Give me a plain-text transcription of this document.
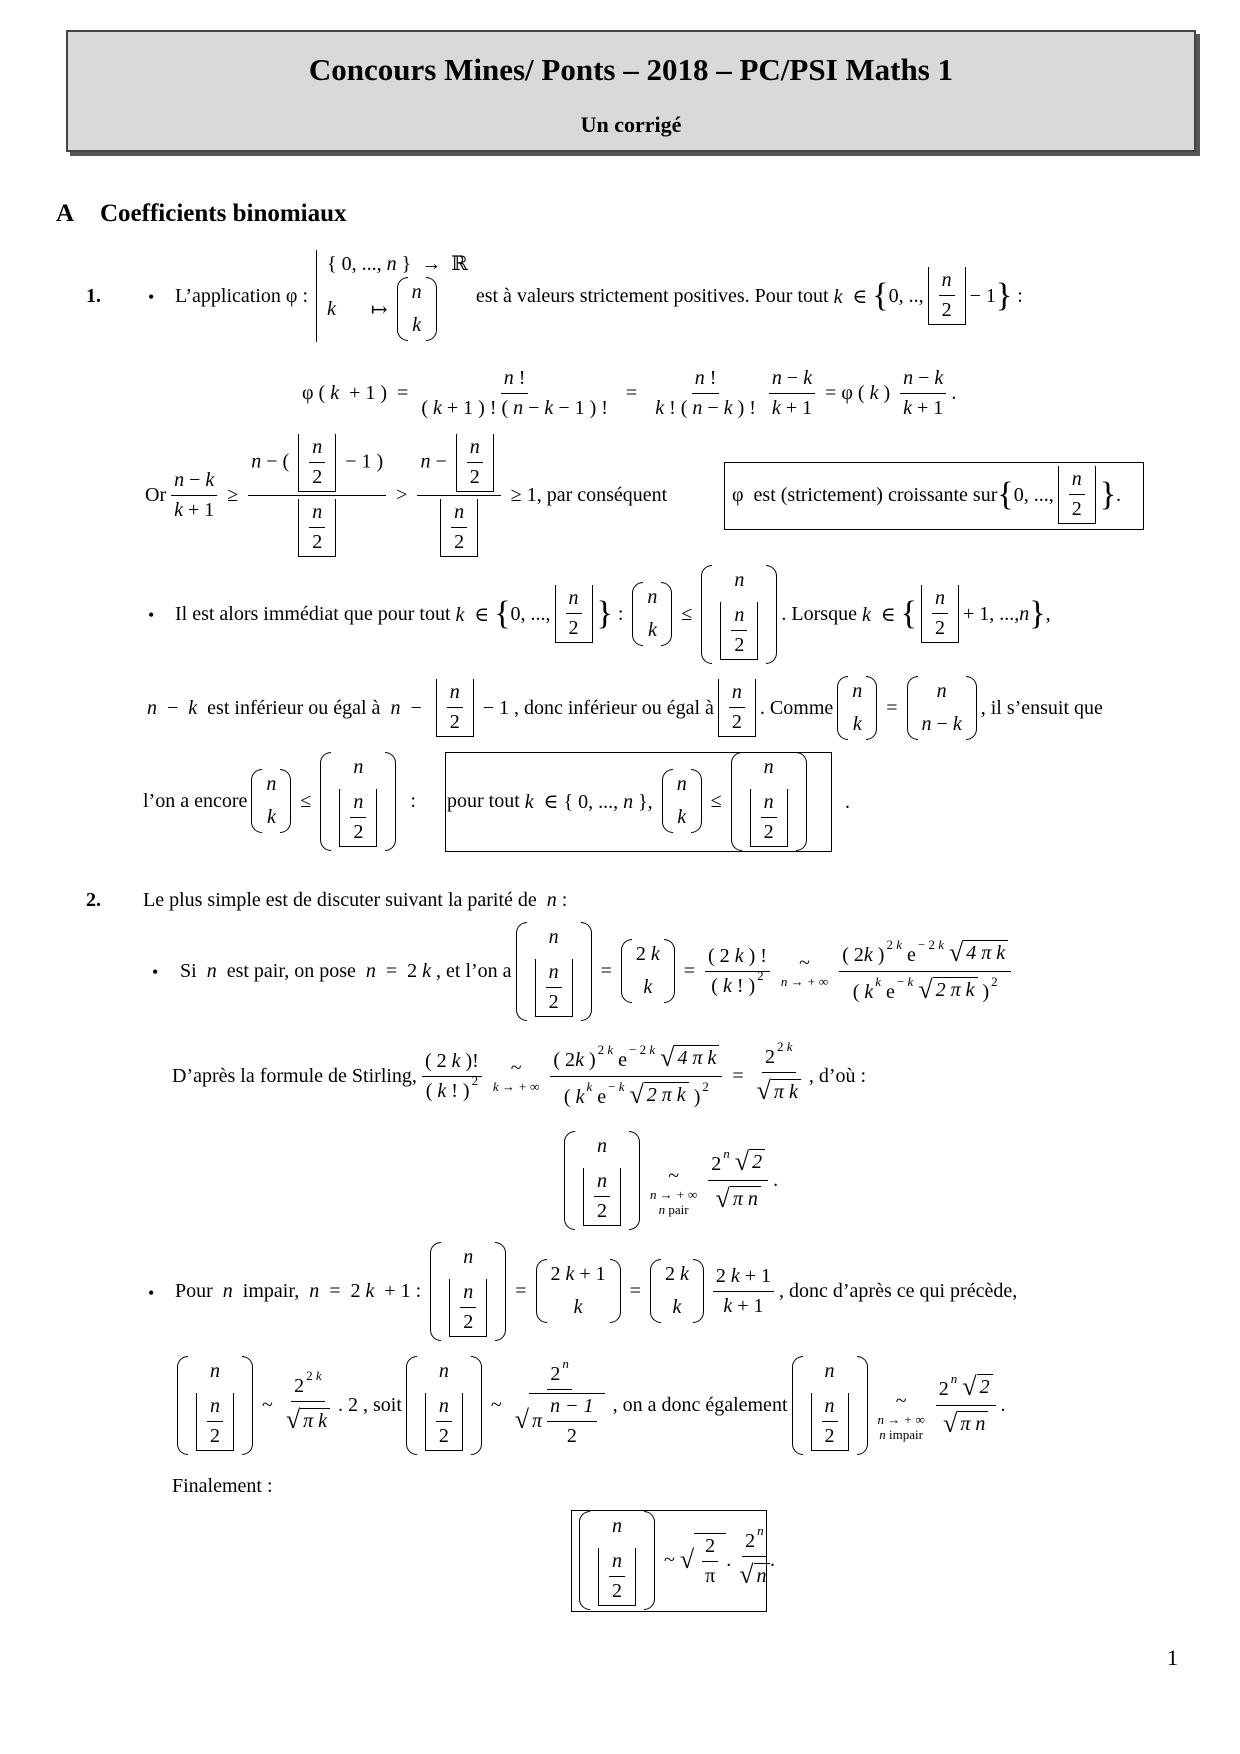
Concours Mines/ Ponts – 2018 – PC/PSI Maths 1
Un corrigé
A Coefficients binomiaux
1.	• L’application φ :
{ 0, ..., n }  →  ℝ
k ↦
n
k
est à valeurs strictement positives. Pour tout k  ∈ { 0, .., $\frac{n}{2} - 1$ } :
φ ( k  + 1 )  = $\frac{n !}{( k + 1 ) ! ( n - k - 1 ) !} = \frac{n !}{k ! ( n - k ) !} \frac{n - k}{k + 1} = \varphi$ ( k ) $\frac{n - k}{k + 1}$ .
Or $\frac{n - k}{k + 1} \ge \frac{n - ( \frac{n}{2} - 1 )}{\frac{n}{2}} > \frac{n - \frac{n}{2}}{\frac{n}{2}} \ge 1$ , par conséquent	φ  est (strictement) croissante sur { 0, ..., $\frac{n}{2}$ } .
• Il est alors immédiat que pour tout k  ∈ { 0, ..., $\frac{n}{2}$ } :
n
k
≤
n
$\frac{n}{2}$ . Lorsque k  ∈ { $\frac{n}{2} + 1$, ..., n } ,
n  −  k est inférieur ou égal à $n - \frac{n}{2} - 1$ , donc inférieur ou égal à $\frac{n}{2}$ . Comme
n
k
=
n
n − k
, il s’ensuit que
l’on a encore
n
k
≤
n
$\frac{n}{2}$ : pour tout k  ∈ { 0, ..., n },
n
k
≤
n
$\frac{n}{2}$	.
2. Le plus simple est de discuter suivant la parité de n :
• Si n est pair, on pose n  =  2 k , et l’on a
n
$\frac{n}{2}$ =
2 k
k
= $\frac{( 2 k ) !}{( k ! ) ^2}$ ~
n → + ∞ $\frac{( 2k ) ^{2 k} e ^{- 2 k} √ 4 \pi k}{( k ^k e ^{- k} √ 2 \pi k ) ^2}$
D’après la formule de Stirling, $\frac{( 2 k )!}{( k ! ) ^2}$ ~
k → + ∞ $\frac{( 2k ) ^{2 k} e ^{- 2 k} √ 4 \pi k}{( k ^k e ^{- k} √ 2 \pi k ) ^2} = \frac{2 ^{2 k}}{\text{√ π k}}$ , d’où :
n
$\frac{n}{2}$	~
n → + ∞
n pair $\frac{2 ^n √ 2}{\text{√ π n}}$ .
• Pour n impair, n  =  2 k  + 1 :
n
$\frac{n}{2}$ =
2 k + 1
k
=
2 k
k $\frac{2 k + 1}{k + 1}$ , donc d’après ce qui précède,
n
$\frac{n}{2}$ ~ $\frac{2 ^{2 k}}{\text{√ π k}}$ . 2 , soit
n
$\frac{n}{2}$ ~ $\frac{2 ^n}{√ \pi \frac{n - 1}{2}}$ , on a donc également
n
$\frac{n}{2}$	~
n → + ∞
n impair $\frac{2 ^n √ 2}{\text{√ π n}}$ .
Finalement :
n
$\frac{n}{2}$ ~ √ $\frac{2}{\pi}$ . $\frac{2 ^n}{√ n}$
.
1
